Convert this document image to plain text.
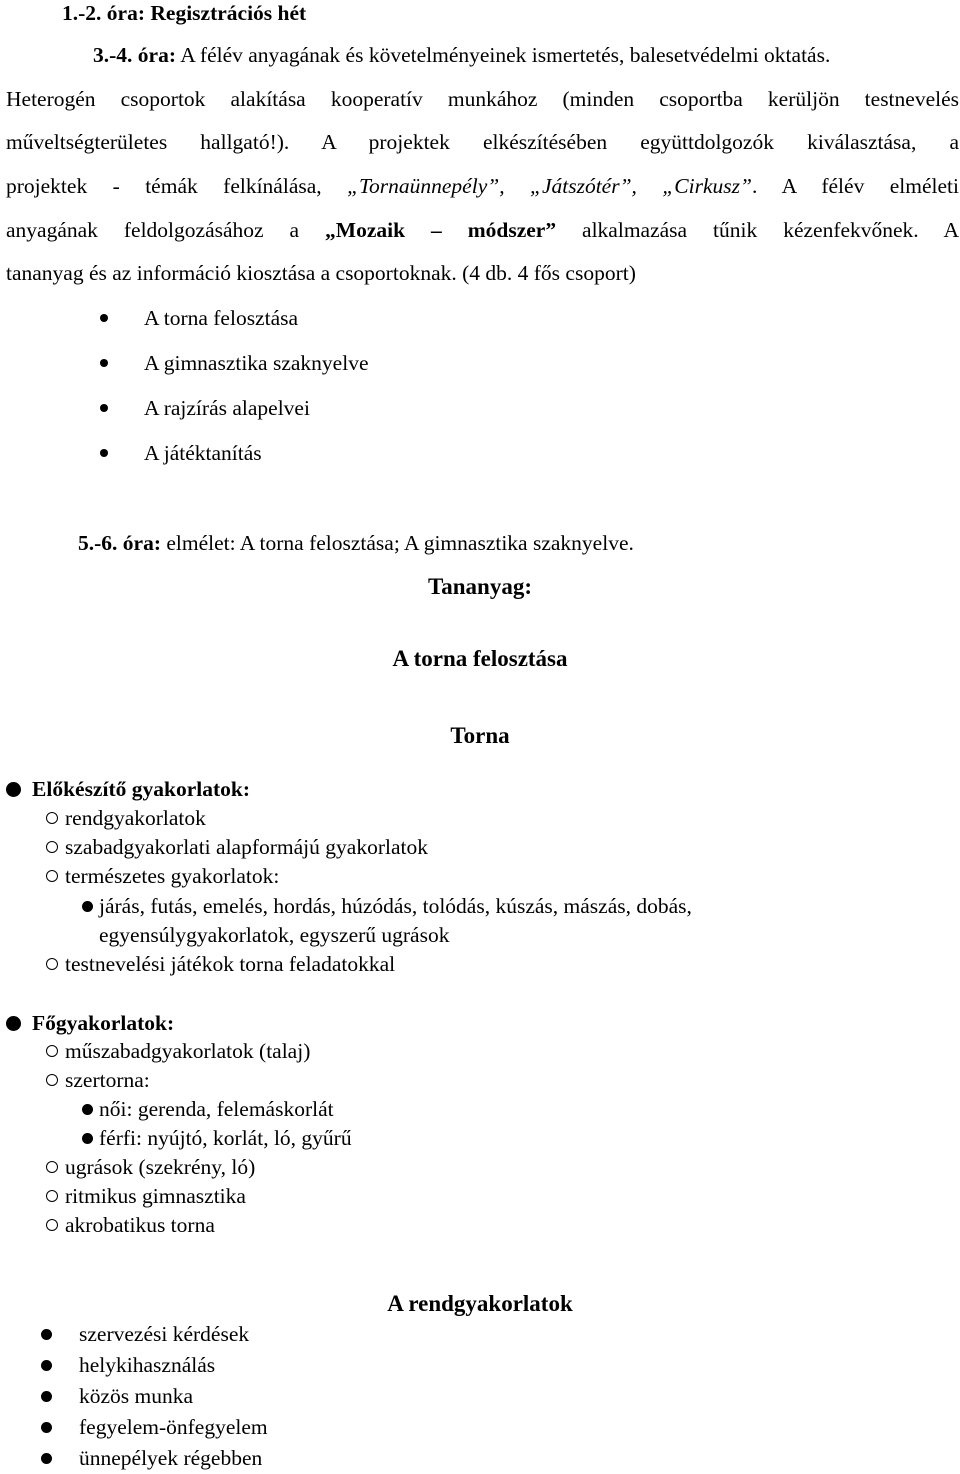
1.-2. óra: Regisztrációs hét
3.-4. óra: A félév anyagának és követelményeinek ismertetés, balesetvédelmi oktatás.
Heterogén csoportok alakítása kooperatív munkához (minden csoportba kerüljön testnevelés
műveltségterületes hallgató!). A projektek elkészítésében együttdolgozók kiválasztása, a
projektek - témák felkínálása, „Tornaünnepély”, „Játszótér”, „Cirkusz”. A félév elméleti
anyagának feldolgozásához a „Mozaik – módszer” alkalmazása tűnik kézenfekvőnek. A
tananyag és az információ kiosztása a csoportoknak. (4 db. 4 fős csoport)
A torna felosztása
A gimnasztika szaknyelve
A rajzírás alapelvei
A játéktanítás
5.-6. óra: elmélet: A torna felosztása; A gimnasztika szaknyelve.
Tananyag:
A torna felosztása
Torna
Előkészítő gyakorlatok:
rendgyakorlatok
szabadgyakorlati alapformájú gyakorlatok
természetes gyakorlatok:
járás, futás, emelés, hordás, húzódás, tolódás, kúszás, mászás, dobás,
egyensúlygyakorlatok, egyszerű ugrások
testnevelési játékok torna feladatokkal
Főgyakorlatok:
műszabadgyakorlatok (talaj)
szertorna:
női: gerenda, felemáskorlát
férfi: nyújtó, korlát, ló, gyűrű
ugrások (szekrény, ló)
ritmikus gimnasztika
akrobatikus torna
A rendgyakorlatok
szervezési kérdések
helykihasználás
közös munka
fegyelem-önfegyelem
ünnepélyek régebben
